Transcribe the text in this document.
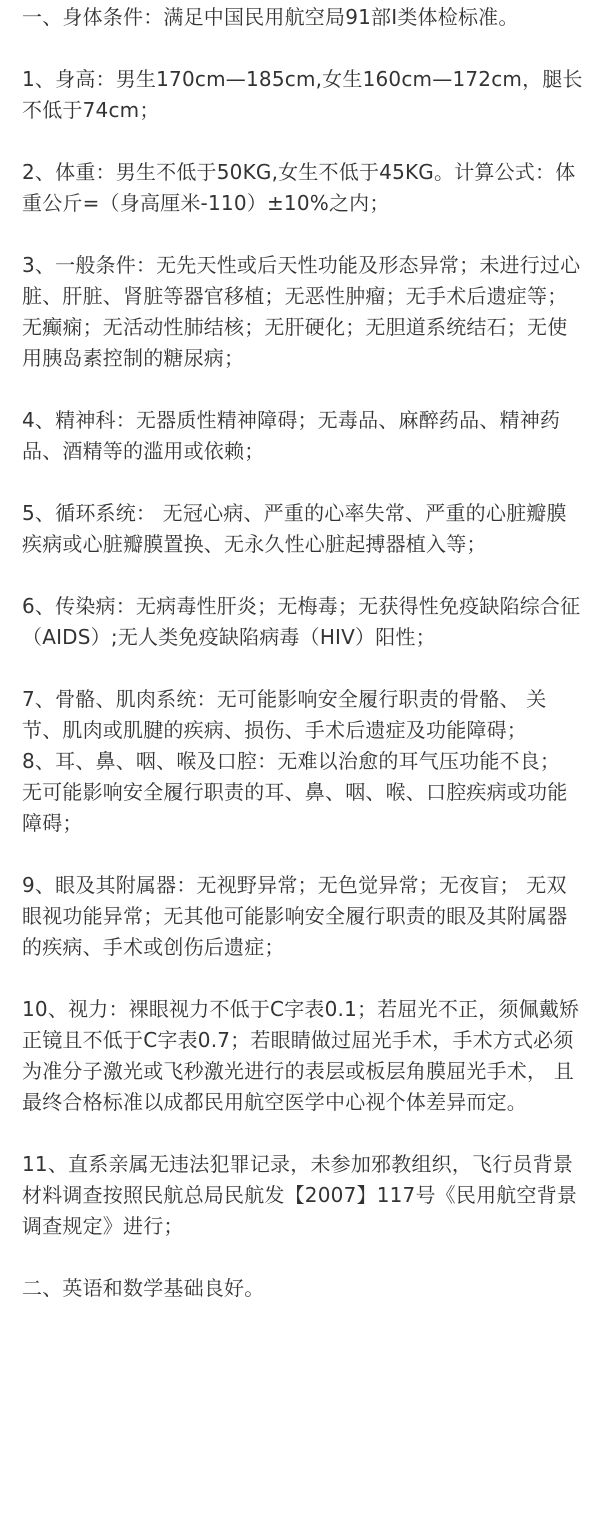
一、身体条件：满足中国民用航空局91部I类体检标准。

1、身高：男生170cm—185cm,女生160cm—172cm，腿长不低于74cm；

2、体重：男生不低于50KG,女生不低于45KG。计算公式：体重公斤=（身高厘米-110）±10%之内；

3、一般条件：无先天性或后天性功能及形态异常；未进行过心脏、肝脏、肾脏等器官移植；无恶性肿瘤；无手术后遗症等；无癫痫；无活动性肺结核；无肝硬化；无胆道系统结石；无使用胰岛素控制的糖尿病；

4、精神科：无器质性精神障碍；无毒品、麻醉药品、精神药品、酒精等的滥用或依赖；

5、循环系统： 无冠心病、严重的心率失常、严重的心脏瓣膜疾病或心脏瓣膜置换、无永久性心脏起搏器植入等；

6、传染病：无病毒性肝炎；无梅毒；无获得性免疫缺陷综合征（AIDS）;无人类免疫缺陷病毒（HIV）阳性；

7、骨骼、肌肉系统：无可能影响安全履行职责的骨骼、 关节、肌肉或肌腱的疾病、损伤、手术后遗症及功能障碍；

8、耳、鼻、咽、喉及口腔：无难以治愈的耳气压功能不良； 无可能影响安全履行职责的耳、鼻、咽、喉、口腔疾病或功能障碍；

9、眼及其附属器：无视野异常；无色觉异常；无夜盲； 无双眼视功能异常；无其他可能影响安全履行职责的眼及其附属器的疾病、手术或创伤后遗症；

10、视力：裸眼视力不低于C字表0.1；若屈光不正，须佩戴矫正镜且不低于C字表0.7；若眼睛做过屈光手术，手术方式必须为准分子激光或飞秒激光进行的表层或板层角膜屈光手术， 且最终合格标准以成都民用航空医学中心视个体差异而定。

11、直系亲属无违法犯罪记录，未参加邪教组织，飞行员背景材料调查按照民航总局民航发【2007】117号《民用航空背景调查规定》进行；

二、英语和数学基础良好。
